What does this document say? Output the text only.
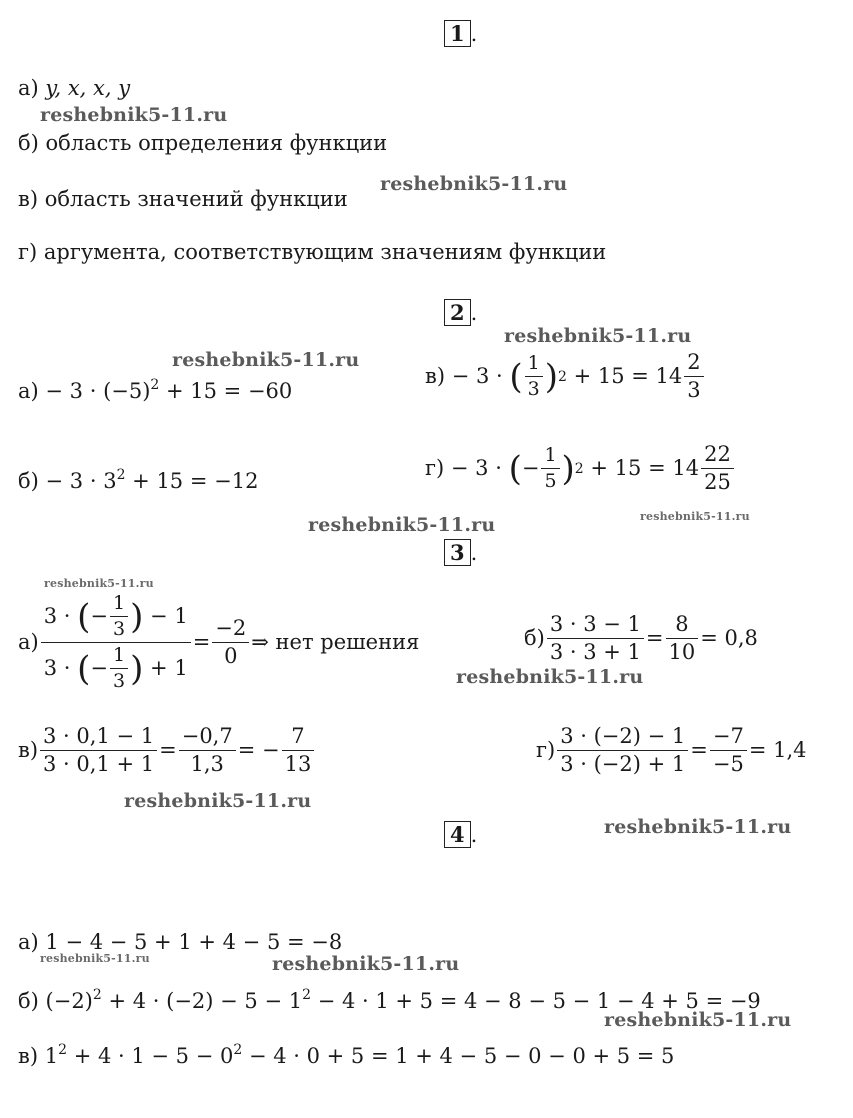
1 .
а) y, x, x, y
б) область определения функции
в) область значений функции
г) аргумента, соответствующим значениям функции
2 .
$а) - 3 \cdot (-5)^2 + 15 = -60$
$б) - 3 \cdot 3^2 + 15 = -12$
в)
− 3 ·
( $\frac{1}{3}$ ) 2
+ $15 = 14 \frac{2}{3}$
г)
− 3 ·
( − $\frac{1}{5}$ ) 2
+ $15 = 14 \frac{22}{25}$
3 .
а) 3 ·
( − $\frac{1}{3}$ )
− 1
3 ·
( − $\frac{1}{3}$ )
+ $1 = \frac{-2}{0}$ ⇒ нет решения	$б) \frac{3 \cdot 3 - 1}{3 \cdot 3 + 1} = \frac{8}{10} = 0,8$
$в) \frac{3 \cdot 0,1 - 1}{3 \cdot 0,1 + 1} = \frac{-0,7}{1,3}$ = − $\frac{7}{13}$	$г) \frac{3 \cdot (-2) - 1}{3 \cdot (-2) + 1} = \frac{-7}{-5} = 1,4$
4 .
а) 1 − 4 − 5 + 1 + 4 − 5 = −8
б) $(-2)^2 + 4 \cdot (-2) - 5 - 1^2 - 4 \cdot 1 + 5 = 4 - 8 - 5 - 1 - 4 + 5 = -9$
в) $1^2 + 4 \cdot 1 - 5 - 0^2 - 4 \cdot 0 + 5 = 1 + 4 - 5 - 0 - 0 + 5 = 5$
reshebnik5-11.ru
reshebnik5-11.ru
reshebnik5-11.ru
reshebnik5-11.ru
reshebnik5-11.ru	reshebnik5-11.ru
reshebnik5-11.ru
reshebnik5-11.ru
reshebnik5-11.ru
reshebnik5-11.ru
reshebnik5-11.ru	reshebnik5-11.ru
reshebnik5-11.ru
